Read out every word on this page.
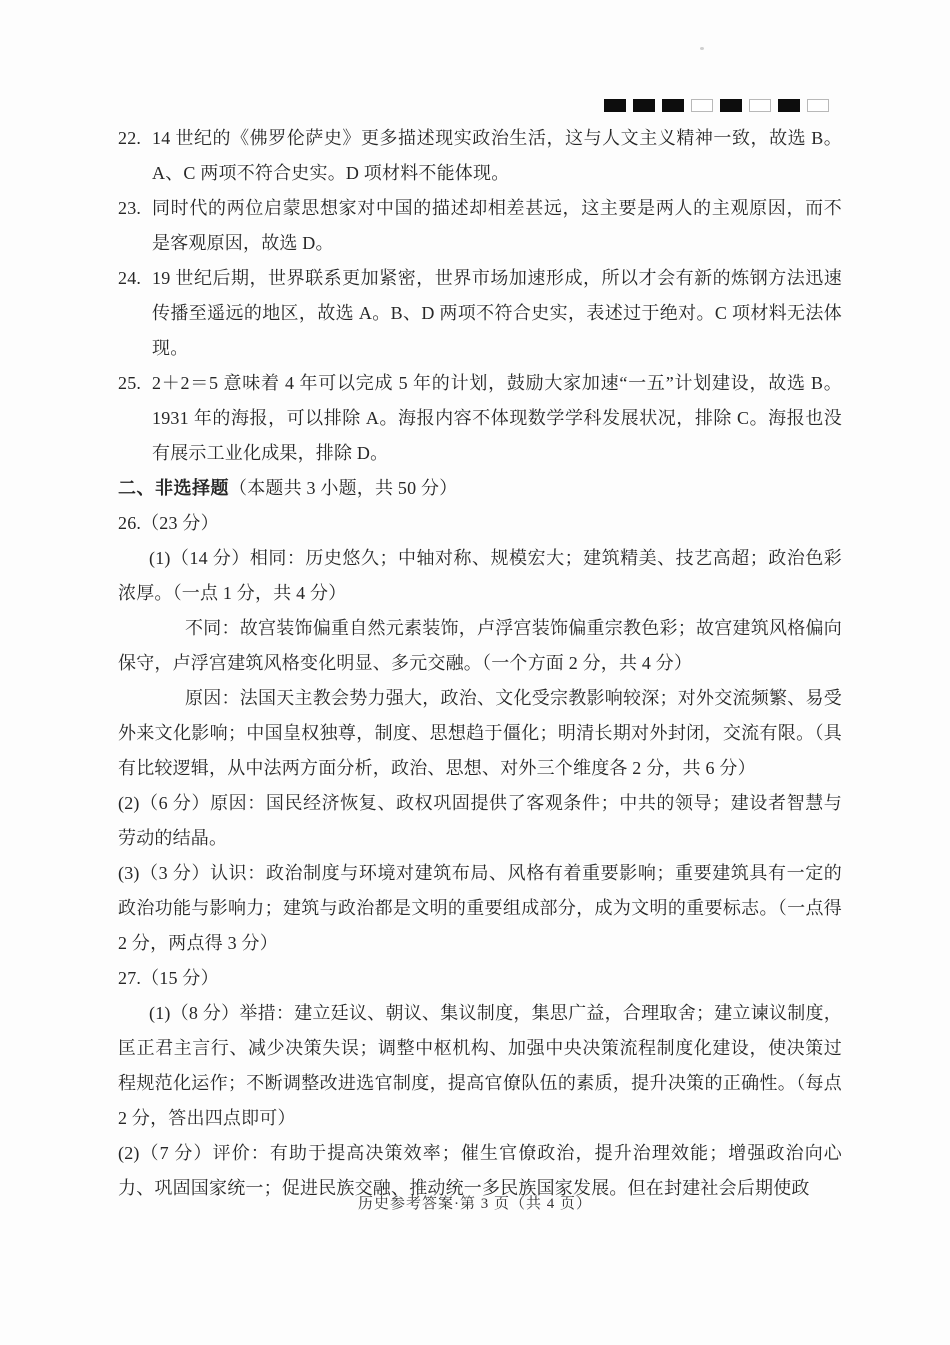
22. 14 世纪的《佛罗伦萨史》更多描述现实政治生活，这与人文主义精神一致，故选 B。A、C 两项不符合史实。D 项材料不能体现。
23. 同时代的两位启蒙思想家对中国的描述却相差甚远，这主要是两人的主观原因，而不是客观原因，故选 D。
24. 19 世纪后期，世界联系更加紧密，世界市场加速形成，所以才会有新的炼钢方法迅速传播至遥远的地区，故选 A。B、D 两项不符合史实，表述过于绝对。C 项材料无法体现。
25. 2＋2＝5 意味着 4 年可以完成 5 年的计划，鼓励大家加速“一五”计划建设，故选 B。1931 年的海报，可以排除 A。海报内容不体现数学学科发展状况，排除 C。海报也没有展示工业化成果，排除 D。
二、非选择题（本题共 3 小题，共 50 分）
26.（23 分）
(1)（14 分）相同：历史悠久；中轴对称、规模宏大；建筑精美、技艺高超；政治色彩浓厚。（一点 1 分，共 4 分）
不同：故宫装饰偏重自然元素装饰，卢浮宫装饰偏重宗教色彩；故宫建筑风格偏向保守，卢浮宫建筑风格变化明显、多元交融。（一个方面 2 分，共 4 分）
原因：法国天主教会势力强大，政治、文化受宗教影响较深；对外交流频繁、易受外来文化影响；中国皇权独尊，制度、思想趋于僵化；明清长期对外封闭，交流有限。（具有比较逻辑，从中法两方面分析，政治、思想、对外三个维度各 2 分，共 6 分）
(2)（6 分）原因：国民经济恢复、政权巩固提供了客观条件；中共的领导；建设者智慧与劳动的结晶。
(3)（3 分）认识：政治制度与环境对建筑布局、风格有着重要影响；重要建筑具有一定的政治功能与影响力；建筑与政治都是文明的重要组成部分，成为文明的重要标志。（一点得 2 分，两点得 3 分）
27.（15 分）
(1)（8 分）举措：建立廷议、朝议、集议制度，集思广益，合理取舍；建立谏议制度，匡正君主言行、减少决策失误；调整中枢机构、加强中央决策流程制度化建设，使决策过程规范化运作；不断调整改进选官制度，提高官僚队伍的素质，提升决策的正确性。（每点 2 分，答出四点即可）
(2)（7 分）评价：有助于提高决策效率；催生官僚政治，提升治理效能；增强政治向心力、巩固国家统一；促进民族交融、推动统一多民族国家发展。但在封建社会后期使政
历史参考答案·第 3 页（共 4 页）
